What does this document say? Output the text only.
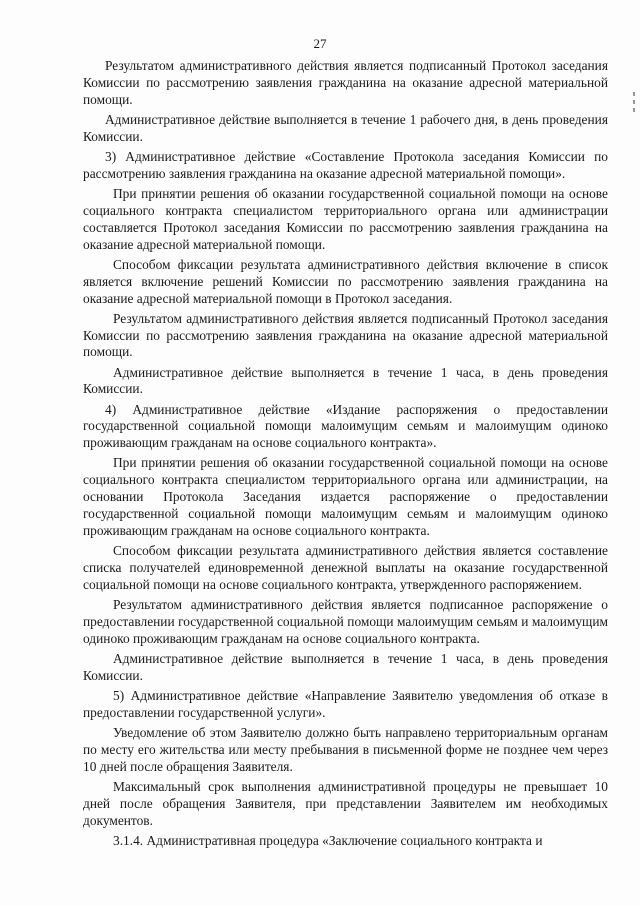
27

Результатом административного действия является подписанный Протокол заседания Комиссии по рассмотрению заявления гражданина на оказание адресной материальной помощи.

Административное действие выполняется в течение 1 рабочего дня, в день проведения Комиссии.

3) Административное действие «Составление Протокола заседания Комиссии по рассмотрению заявления гражданина на оказание адресной материальной помощи».

При принятии решения об оказании государственной социальной помощи на основе социального контракта специалистом территориального органа или администрации составляется Протокол заседания Комиссии по рассмотрению заявления гражданина на оказание адресной материальной помощи.

Способом фиксации результата административного действия включение в список является включение решений Комиссии по рассмотрению заявления гражданина на оказание адресной материальной помощи в Протокол заседания.

Результатом административного действия является подписанный Протокол заседания Комиссии по рассмотрению заявления гражданина на оказание адресной материальной помощи.

Административное действие выполняется в течение 1 часа, в день проведения Комиссии.

4) Административное действие «Издание распоряжения о предоставлении государственной социальной помощи малоимущим семьям и малоимущим одиноко проживающим гражданам на основе социального контракта».

При принятии решения об оказании государственной социальной помощи на основе социального контракта специалистом территориального органа или администрации, на основании Протокола Заседания издается распоряжение о предоставлении государственной социальной помощи малоимущим семьям и малоимущим одиноко проживающим гражданам на основе социального контракта.

Способом фиксации результата административного действия является составление списка получателей единовременной денежной выплаты на оказание государственной социальной помощи на основе социального контракта, утвержденного распоряжением.

Результатом административного действия является подписанное распоряжение о предоставлении государственной социальной помощи малоимущим семьям и малоимущим одиноко проживающим гражданам на основе социального контракта.

Административное действие выполняется в течение 1 часа, в день проведения Комиссии.

5) Административное действие «Направление Заявителю уведомления об отказе в предоставлении государственной услуги».

Уведомление об этом Заявителю должно быть направлено территориальным органам по месту его жительства или месту пребывания в письменной форме не позднее чем через 10 дней после обращения Заявителя.

Максимальный срок выполнения административной процедуры не превышает 10 дней после обращения Заявителя, при представлении Заявителем им необходимых документов.

3.1.4. Административная процедура «Заключение социального контракта и
